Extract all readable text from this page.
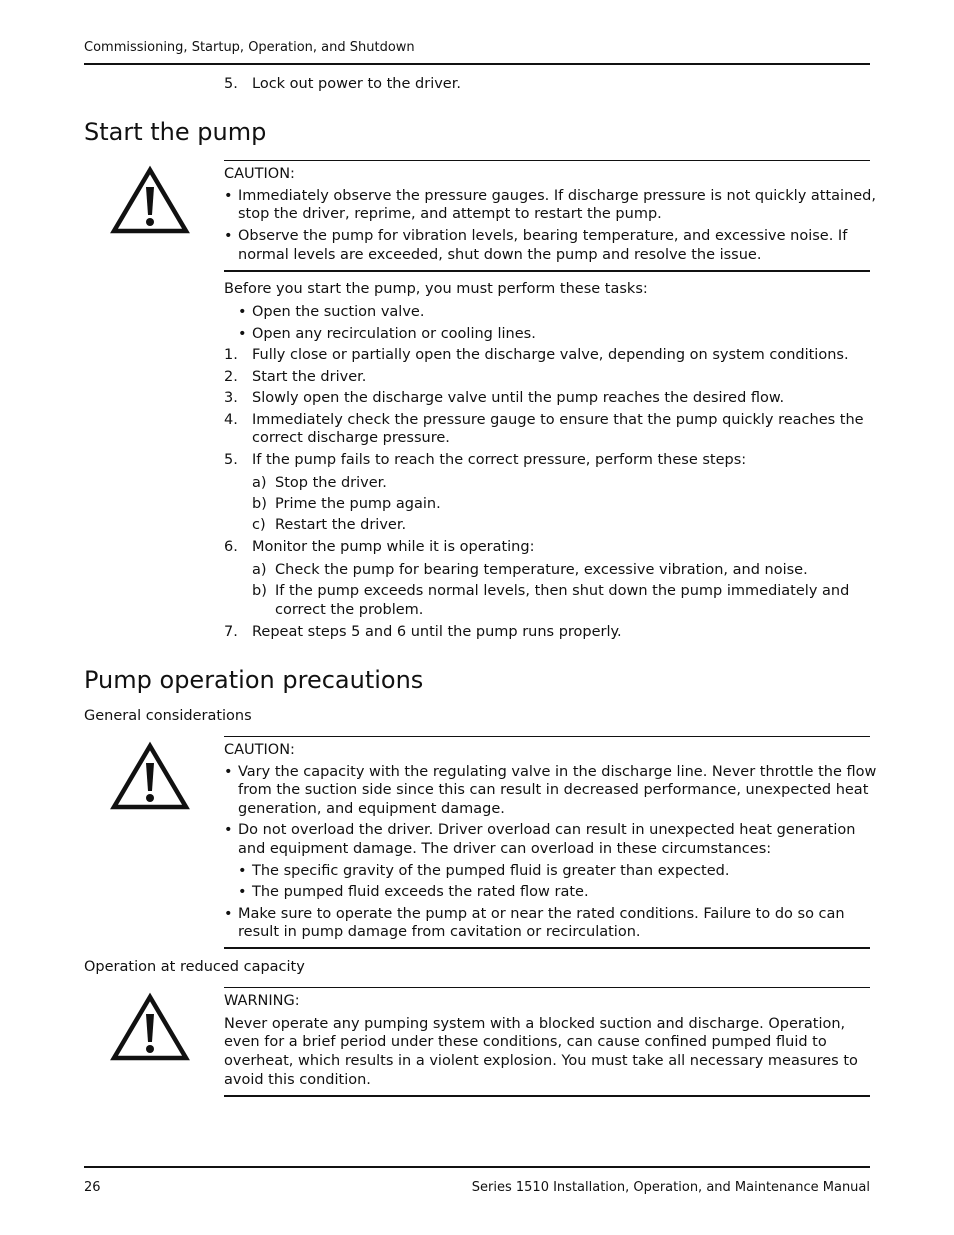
Commissioning, Startup, Operation, and Shutdown
5. Lock out power to the driver.
Start the pump
CAUTION:
• Immediately observe the pressure gauges. If discharge pressure is not quickly attained,
stop the driver, reprime, and attempt to restart the pump.
• Observe the pump for vibration levels, bearing temperature, and excessive noise. If
normal levels are exceeded, shut down the pump and resolve the issue.
Before you start the pump, you must perform these tasks:
• Open the suction valve.
• Open any recirculation or cooling lines.
1. Fully close or partially open the discharge valve, depending on system conditions.
2. Start the driver.
3. Slowly open the discharge valve until the pump reaches the desired flow.
4. Immediately check the pressure gauge to ensure that the pump quickly reaches the
correct discharge pressure.
5. If the pump fails to reach the correct pressure, perform these steps:
a) Stop the driver.
b) Prime the pump again.
c) Restart the driver.
6. Monitor the pump while it is operating:
a) Check the pump for bearing temperature, excessive vibration, and noise.
b) If the pump exceeds normal levels, then shut down the pump immediately and
correct the problem.
7. Repeat steps 5 and 6 until the pump runs properly.
Pump operation precautions
General considerations
CAUTION:
• Vary the capacity with the regulating valve in the discharge line. Never throttle the flow
from the suction side since this can result in decreased performance, unexpected heat
generation, and equipment damage.
• Do not overload the driver. Driver overload can result in unexpected heat generation
and equipment damage. The driver can overload in these circumstances:
• The specific gravity of the pumped fluid is greater than expected.
• The pumped fluid exceeds the rated flow rate.
• Make sure to operate the pump at or near the rated conditions. Failure to do so can
result in pump damage from cavitation or recirculation.
Operation at reduced capacity
WARNING:
Never operate any pumping system with a blocked suction and discharge. Operation,
even for a brief period under these conditions, can cause confined pumped fluid to
overheat, which results in a violent explosion. You must take all necessary measures to
avoid this condition.
26	Series 1510 Installation, Operation, and Maintenance Manual
